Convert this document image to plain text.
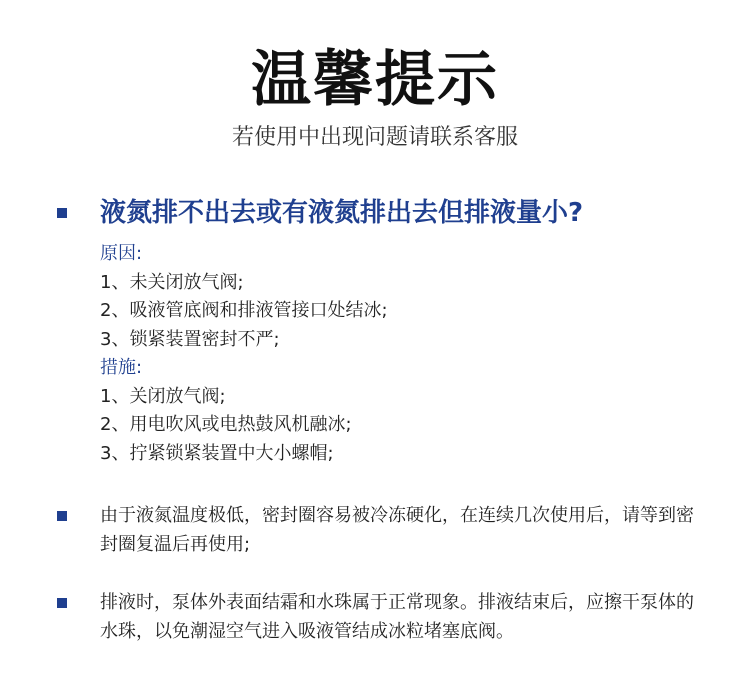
温馨提示
若使用中出现问题请联系客服
液氮排不出去或有液氮排出去但排液量小?
原因:
1、未关闭放气阀;
2、吸液管底阀和排液管接口处结冰;
3、锁紧装置密封不严;
措施:
1、关闭放气阀;
2、用电吹风或电热鼓风机融冰;
3、拧紧锁紧装置中大小螺帽;
由于液氮温度极低，密封圈容易被冷冻硬化，在连续几次使用后，请等到密封圈复温后再使用;
排液时，泵体外表面结霜和水珠属于正常现象。排液结束后，应擦干泵体的水珠，以免潮湿空气进入吸液管结成冰粒堵塞底阀。
